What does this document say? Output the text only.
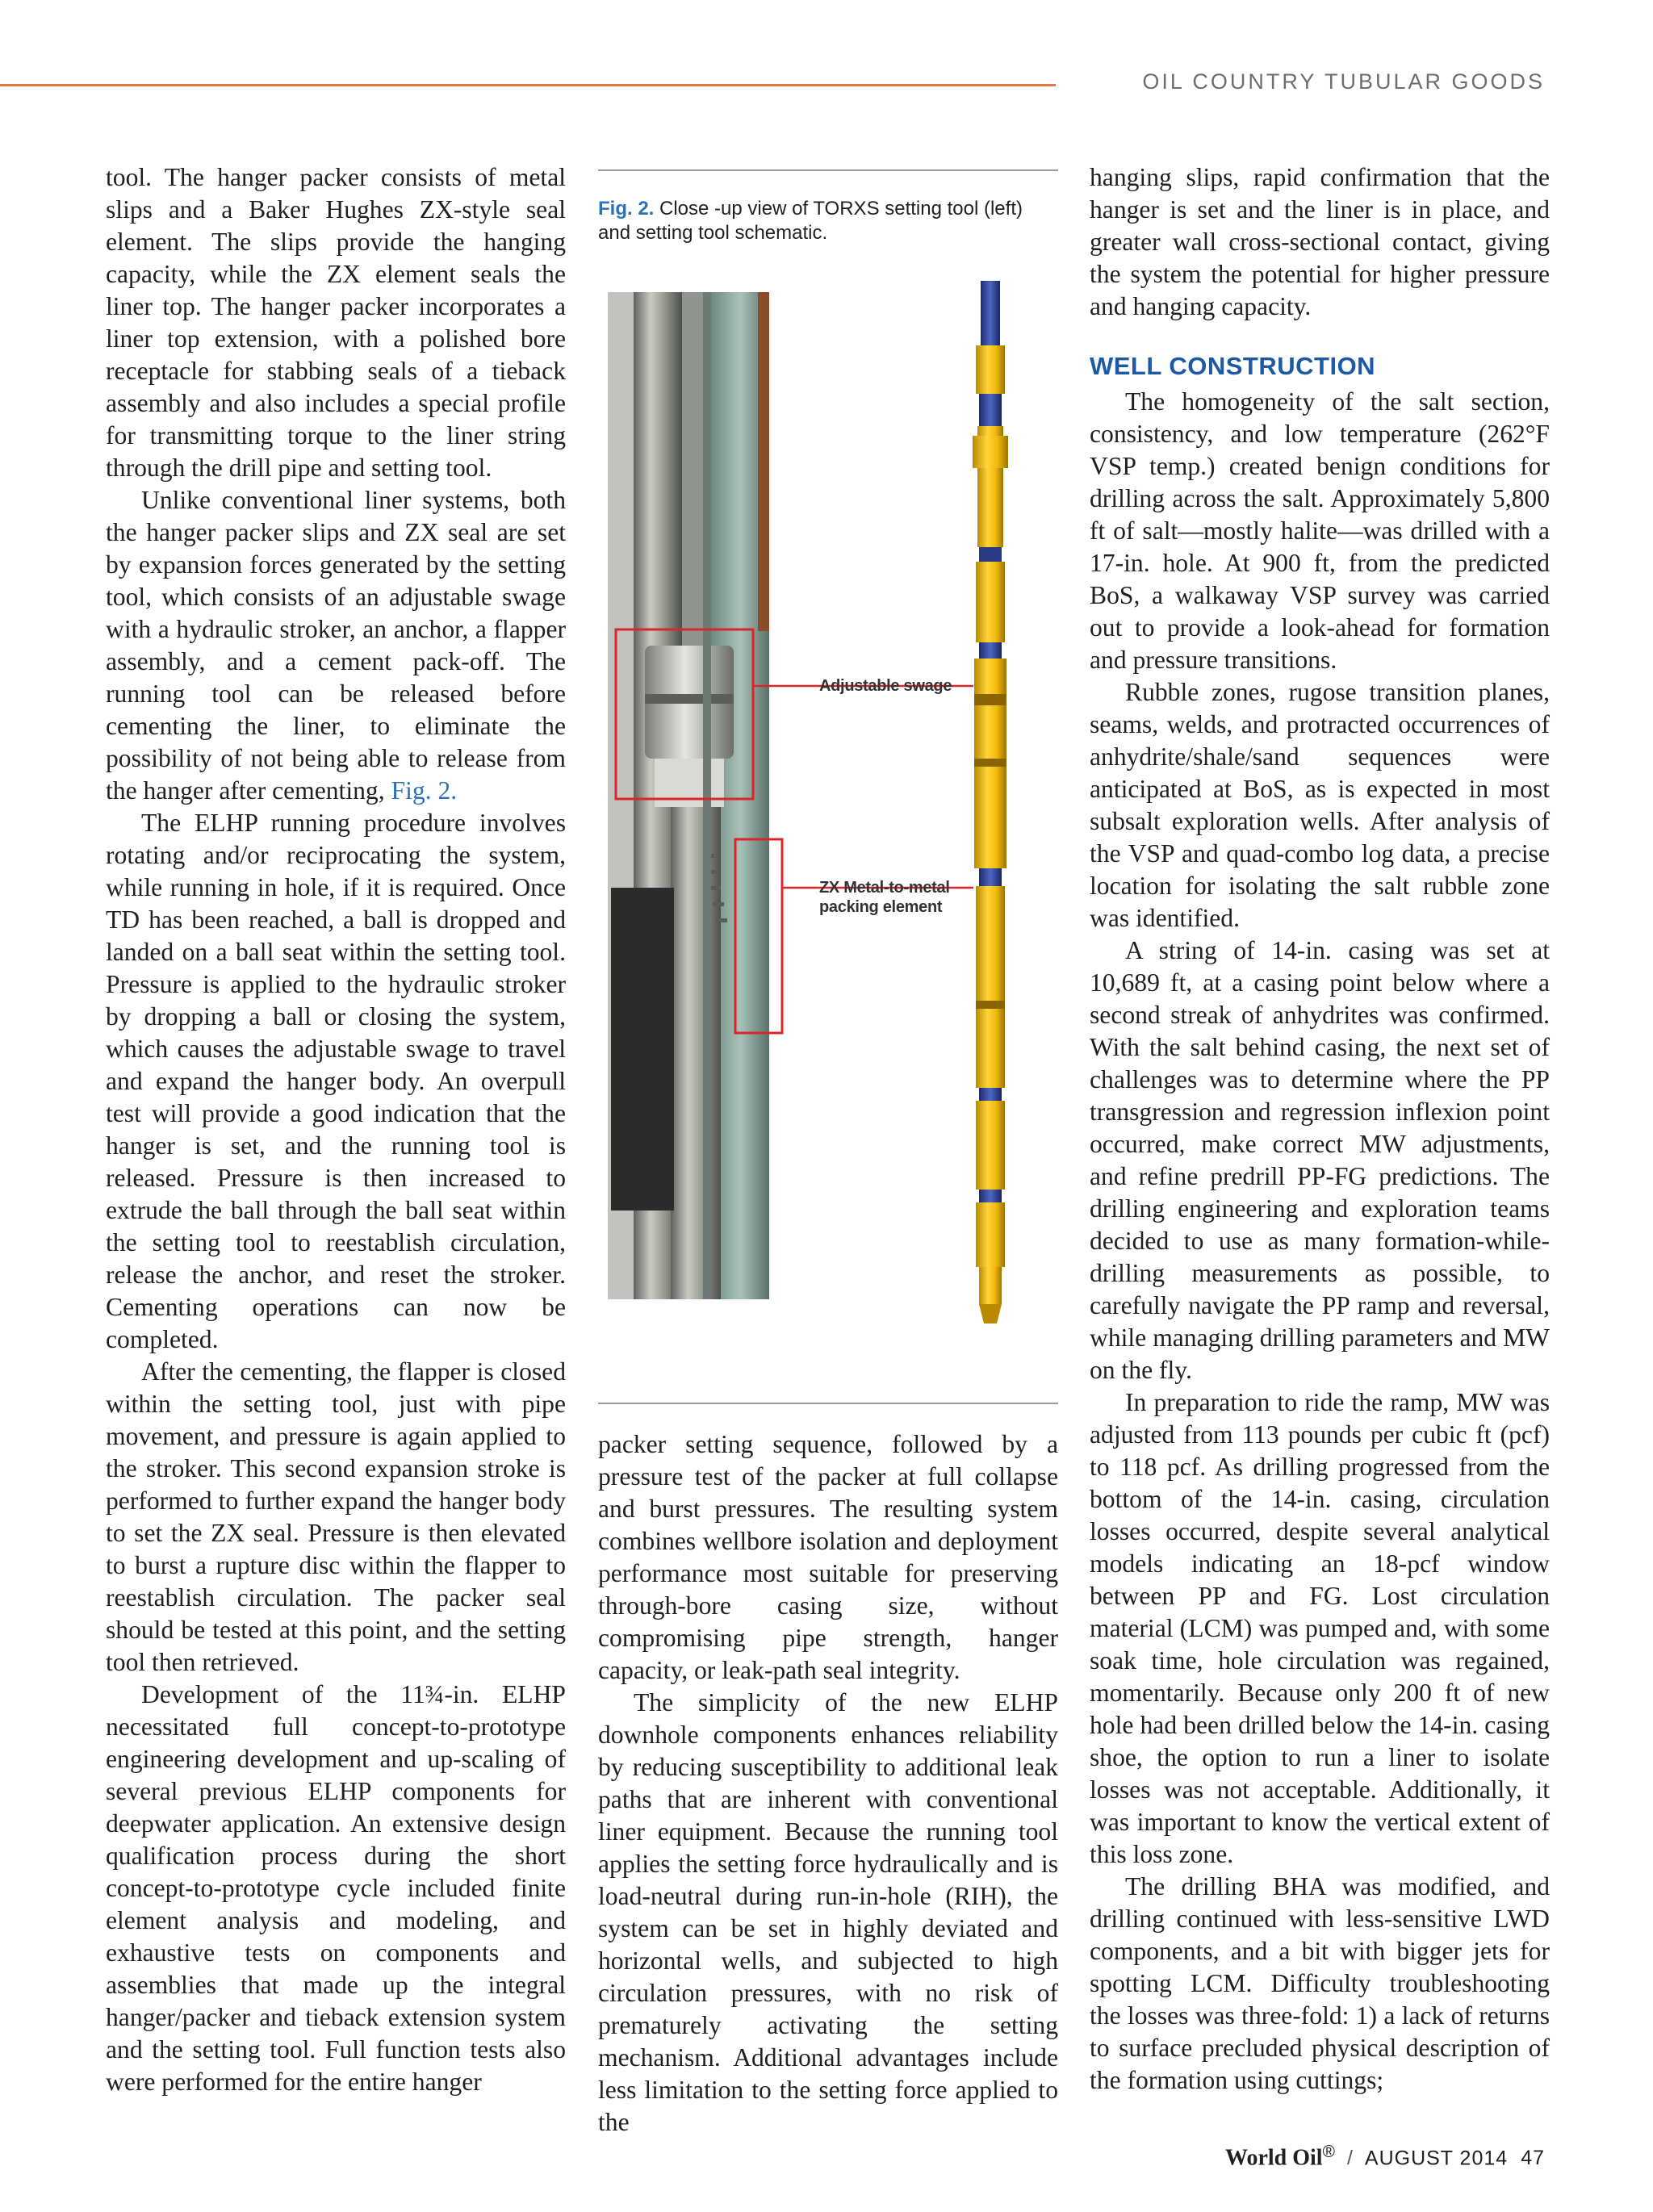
OIL COUNTRY TUBULAR GOODS

tool. The hanger packer consists of metal slips and a Baker Hughes ZX-style seal element. The slips provide the hanging capacity, while the ZX element seals the liner top. The hanger packer incorporates a liner top extension, with a polished bore receptacle for stabbing seals of a tieback assembly and also includes a special profile for transmitting torque to the liner string through the drill pipe and setting tool.

Unlike conventional liner systems, both the hanger packer slips and ZX seal are set by expansion forces generated by the setting tool, which consists of an adjustable swage with a hydraulic stroker, an anchor, a flapper assembly, and a cement pack-off. The running tool can be released before cementing the liner, to eliminate the possibility of not being able to release from the hanger after cementing, Fig. 2.

The ELHP running procedure involves rotating and/or reciprocating the system, while running in hole, if it is required. Once TD has been reached, a ball is dropped and landed on a ball seat within the setting tool. Pressure is applied to the hydraulic stroker by dropping a ball or closing the system, which causes the adjustable swage to travel and expand the hanger body. An overpull test will provide a good indication that the hanger is set, and the running tool is released. Pressure is then increased to extrude the ball through the ball seat within the setting tool to reestablish circulation, release the anchor, and reset the stroker. Cementing operations can now be completed.

After the cementing, the flapper is closed within the setting tool, just with pipe movement, and pressure is again applied to the stroker. This second expansion stroke is performed to further expand the hanger body to set the ZX seal. Pressure is then elevated to burst a rupture disc within the flapper to reestablish circulation. The packer seal should be tested at this point, and the setting tool then retrieved.

Development of the 11¾-in. ELHP necessitated full concept-to-prototype engineering development and up-scaling of several previous ELHP components for deepwater application. An extensive design qualification process during the short concept-to-prototype cycle included finite element analysis and modeling, and exhaustive tests on components and assemblies that made up the integral hanger/packer and tieback extension system and the setting tool. Full function tests also were performed for the entire hanger

Fig. 2. Close -up view of TORXS setting tool (left) and setting tool schematic.
Adjustable swage
ZX Metal-to-metal
packing element

packer setting sequence, followed by a pressure test of the packer at full collapse and burst pressures. The resulting system combines wellbore isolation and deployment performance most suitable for preserving through-bore casing size, without compromising pipe strength, hanger capacity, or leak-path seal integrity.

The simplicity of the new ELHP downhole components enhances reliability by reducing susceptibility to additional leak paths that are inherent with conventional liner equipment. Because the running tool applies the setting force hydraulically and is load-neutral during run-in-hole (RIH), the system can be set in highly deviated and horizontal wells, and subjected to high circulation pressures, with no risk of prematurely activating the setting mechanism. Additional advantages include less limitation to the setting force applied to the

hanging slips, rapid confirmation that the hanger is set and the liner is in place, and greater wall cross-sectional contact, giving the system the potential for higher pressure and hanging capacity.

WELL CONSTRUCTION

The homogeneity of the salt section, consistency, and low temperature (262°F VSP temp.) created benign conditions for drilling across the salt. Approximately 5,800 ft of salt—mostly halite—was drilled with a 17-in. hole. At 900 ft, from the predicted BoS, a walkaway VSP survey was carried out to provide a look-ahead for formation and pressure transitions.

Rubble zones, rugose transition planes, seams, welds, and protracted occurrences of anhydrite/shale/sand sequences were anticipated at BoS, as is expected in most subsalt exploration wells. After analysis of the VSP and quad-combo log data, a precise location for isolating the salt rubble zone was identified.

A string of 14-in. casing was set at 10,689 ft, at a casing point below where a second streak of anhydrites was confirmed. With the salt behind casing, the next set of challenges was to determine where the PP transgression and regression inflexion point occurred, make correct MW adjustments, and refine predrill PP-FG predictions. The drilling engineering and exploration teams decided to use as many formation-while-drilling measurements as possible, to carefully navigate the PP ramp and reversal, while managing drilling parameters and MW on the fly.

In preparation to ride the ramp, MW was adjusted from 113 pounds per cubic ft (pcf) to 118 pcf. As drilling progressed from the bottom of the 14-in. casing, circulation losses occurred, despite several analytical models indicating an 18-pcf window between PP and FG. Lost circulation material (LCM) was pumped and, with some soak time, hole circulation was regained, momentarily. Because only 200 ft of new hole had been drilled below the 14-in. casing shoe, the option to run a liner to isolate losses was not acceptable. Additionally, it was important to know the vertical extent of this loss zone.

The drilling BHA was modified, and drilling continued with less-sensitive LWD components, and a bit with bigger jets for spotting LCM. Difficulty troubleshooting the losses was three-fold: 1) a lack of returns to surface precluded physical description of the formation using cuttings;

World Oil® / AUGUST 2014 47
